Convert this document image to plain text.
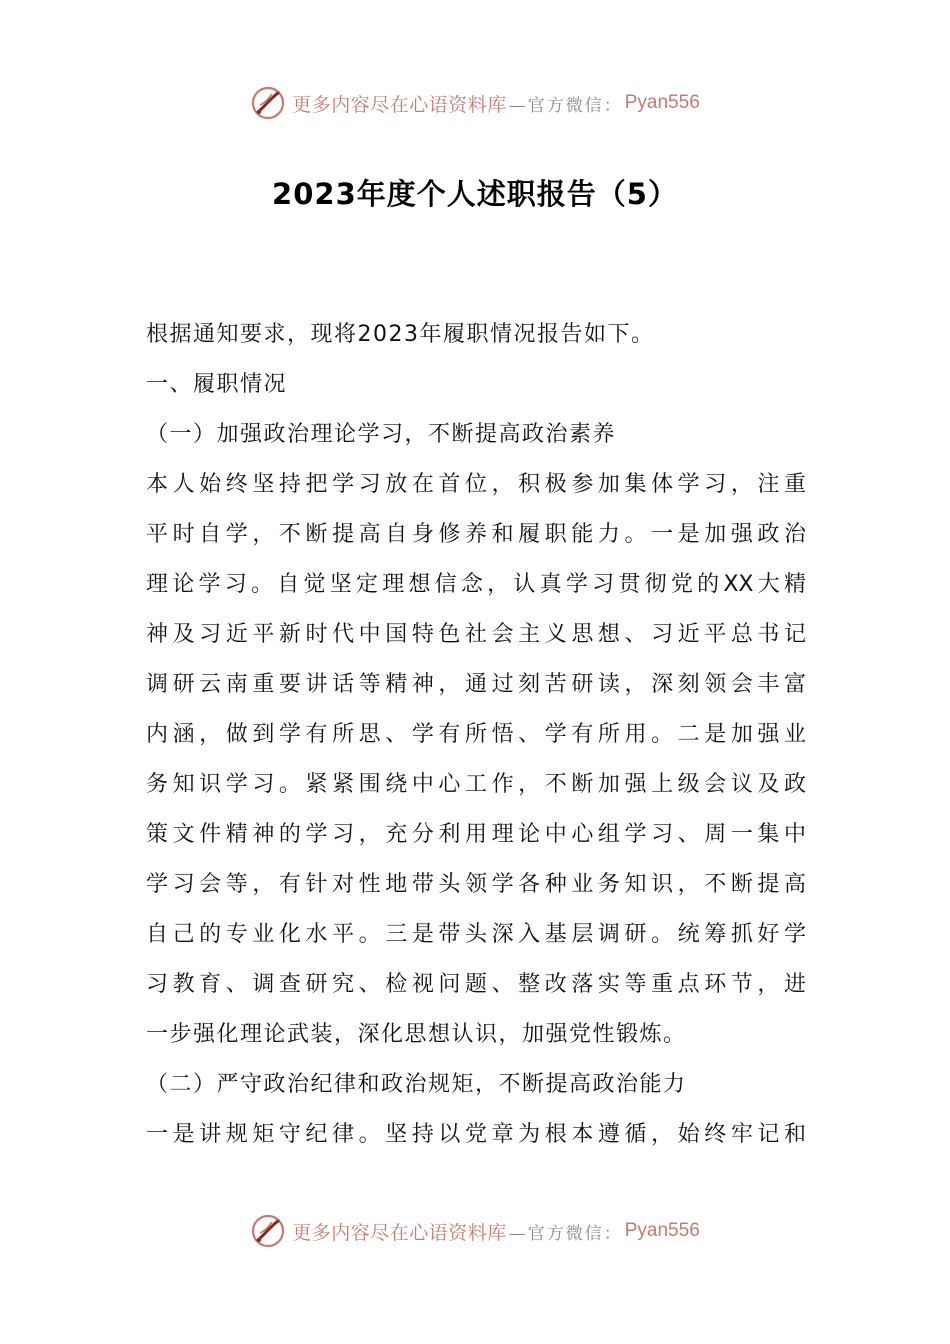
更多内容尽在心语资料库 —官方微信： Pyan556
2023年度个人述职报告（5）
根据通知要求，现将2023年履职情况报告如下。
一、履职情况
（一）加强政治理论学习，不断提高政治素养
本人始终坚持把学习放在首位，积极参加集体学习，注重
平时自学，不断提高自身修养和履职能力。一是加强政治
理论学习。自觉坚定理想信念，认真学习贯彻党的XX大精
神及习近平新时代中国特色社会主义思想、习近平总书记
调研云南重要讲话等精神，通过刻苦研读，深刻领会丰富
内涵，做到学有所思、学有所悟、学有所用。二是加强业
务知识学习。紧紧围绕中心工作，不断加强上级会议及政
策文件精神的学习，充分利用理论中心组学习、周一集中
学习会等，有针对性地带头领学各种业务知识，不断提高
自己的专业化水平。三是带头深入基层调研。统筹抓好学
习教育、调查研究、检视问题、整改落实等重点环节，进
一步强化理论武装，深化思想认识，加强党性锻炼。
（二）严守政治纪律和政治规矩，不断提高政治能力
一是讲规矩守纪律。坚持以党章为根本遵循，始终牢记和
更多内容尽在心语资料库 —官方微信： Pyan556
